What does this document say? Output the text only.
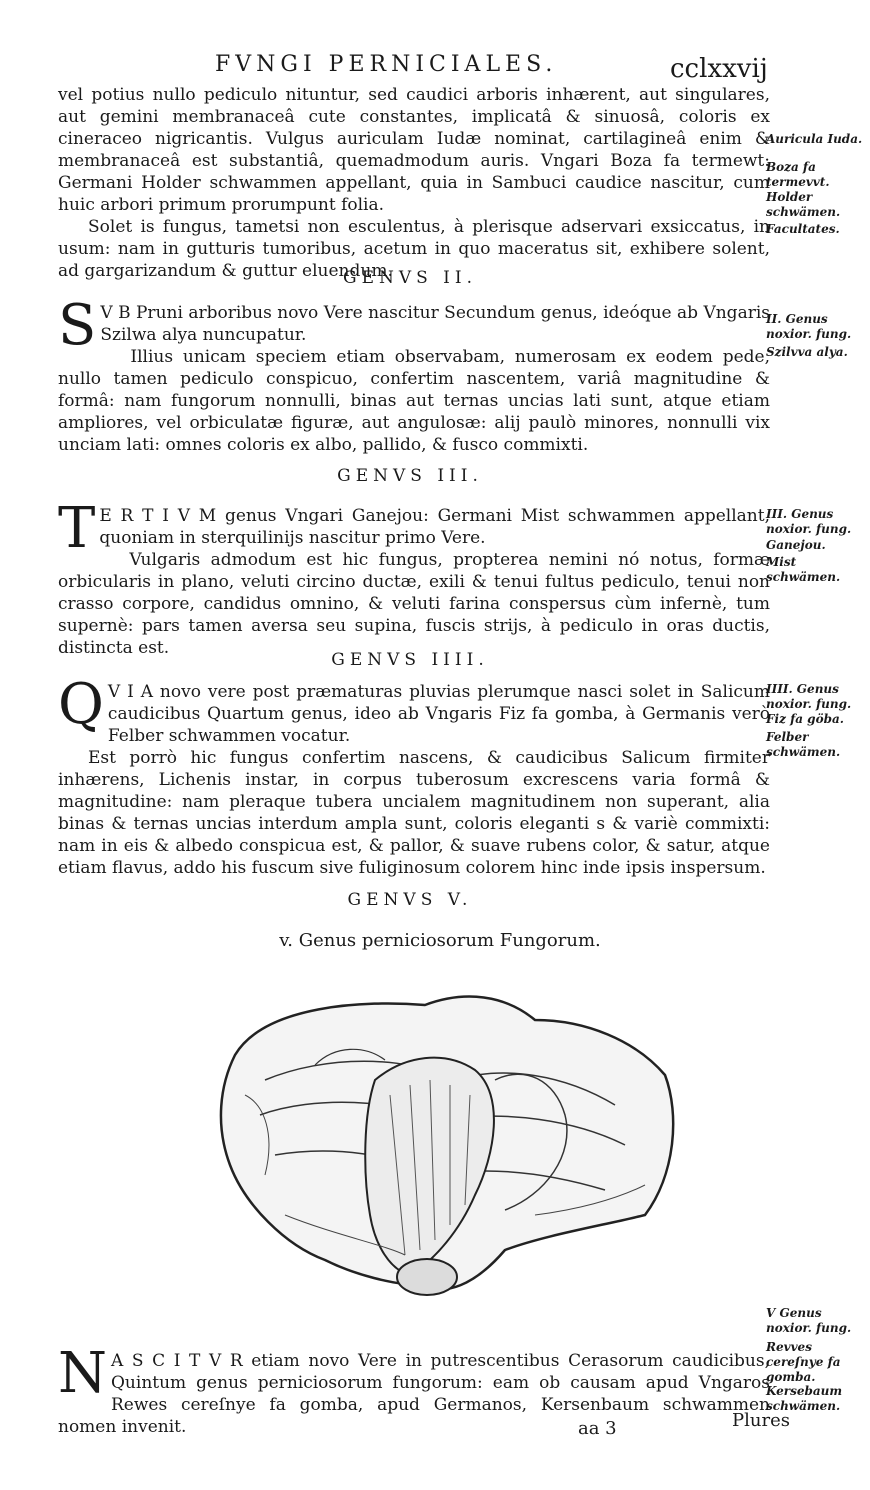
FVNGI PERNICIALES.	cclxxvij

vel potius nullo pediculo nituntur, sed caudici arboris inhærent, aut singulares, aut gemini membranaceâ cute constantes, implicatâ & sinuosâ, coloris ex cineraceo nigricantis. Vulgus auriculam Iudæ nominat, cartilagineâ enim & membranaceâ est substantiâ, quemadmodum auris. Vngari Boza fa termewt: Germani Holder schwammen appellant, quia in Sambuci caudice nascitur, cum huic arbori primum prorumpunt folia.

Solet is fungus, tametsi non esculentus, à plerisque adservari exsiccatus, in usum: nam in gutturis tumoribus, acetum in quo maceratus sit, exhibere solent, ad gargarizandum & guttur eluendum.

GENVS II.

S V B Pruni arboribus novo Vere nascitur Secundum genus, ideóque ab Vngaris Szilwa alya nuncupatur.

Illius unicam speciem etiam observabam, numerosam ex eodem pede, nullo tamen pediculo conspicuo, confertim nascentem, variâ magnitudine & formâ: nam fungorum nonnulli, binas aut ternas uncias lati sunt, atque etiam ampliores, vel orbiculatæ figuræ, aut angulosæ: alij paulò minores, nonnulli vix unciam lati: omnes coloris ex albo, pallido, & fusco commixti.

GENVS III.

T E R T I V M genus Vngari Ganejou: Germani Mist schwammen appellant, quoniam in sterquilinijs nascitur primo Vere.

Vulgaris admodum est hic fungus, propterea nemini nó notus, formæ orbicularis in plano, veluti circino ductæ, exili & tenui fultus pediculo, tenui non crasso corpore, candidus omnino, & veluti farina conspersus cùm infernè, tum supernè: pars tamen aversa seu supina, fuscis strijs, à pediculo in oras ductis, distincta est.

GENVS IIII.

Q V I A novo vere post præmaturas pluvias plerumque nasci solet in Salicum caudicibus Quartum genus, ideo ab Vngaris Fiz fa gomba, à Germanis verò Felber schwammen vocatur.

Est porrò hic fungus confertim nascens, & caudicibus Salicum firmiter inhærens, Lichenis instar, in corpus tuberosum excrescens varia formâ & magnitudine: nam pleraque tubera uncialem magnitudinem non superant, alia binas & ternas uncias interdum ampla sunt, coloris eleganti s & variè commixti: nam in eis & albedo conspicua est, & pallor, & suave rubens color, & satur, atque etiam flavus, addo his fuscum sive fuliginosum colorem hinc inde ipsis inspersum.

GENVS V.
v. Genus perniciosorum Fungorum.

N A S C I T V R etiam novo Vere in putrescentibus Cerasorum caudicibus, Quintum genus perniciosorum fungorum: eam ob causam apud Vngaros Rewes cereſnye fa gomba, apud Germanos, Kersenbaum schwammen nomen invenit.

Auricula Iuda.
Boza fa termevvt.
Holder schwämen.
Facultates.
II. Genus noxior. fung.
Szilvva alya.
III. Genus noxior. fung.
Ganejou.
Mist schwämen.
IIII. Genus noxior. fung.
Fiz fa göba.
Felber schwämen.
V Genus noxior. fung.
Revves cereſnye fa gomba.
Kersebaum schwämen.
aa 3	Plures
